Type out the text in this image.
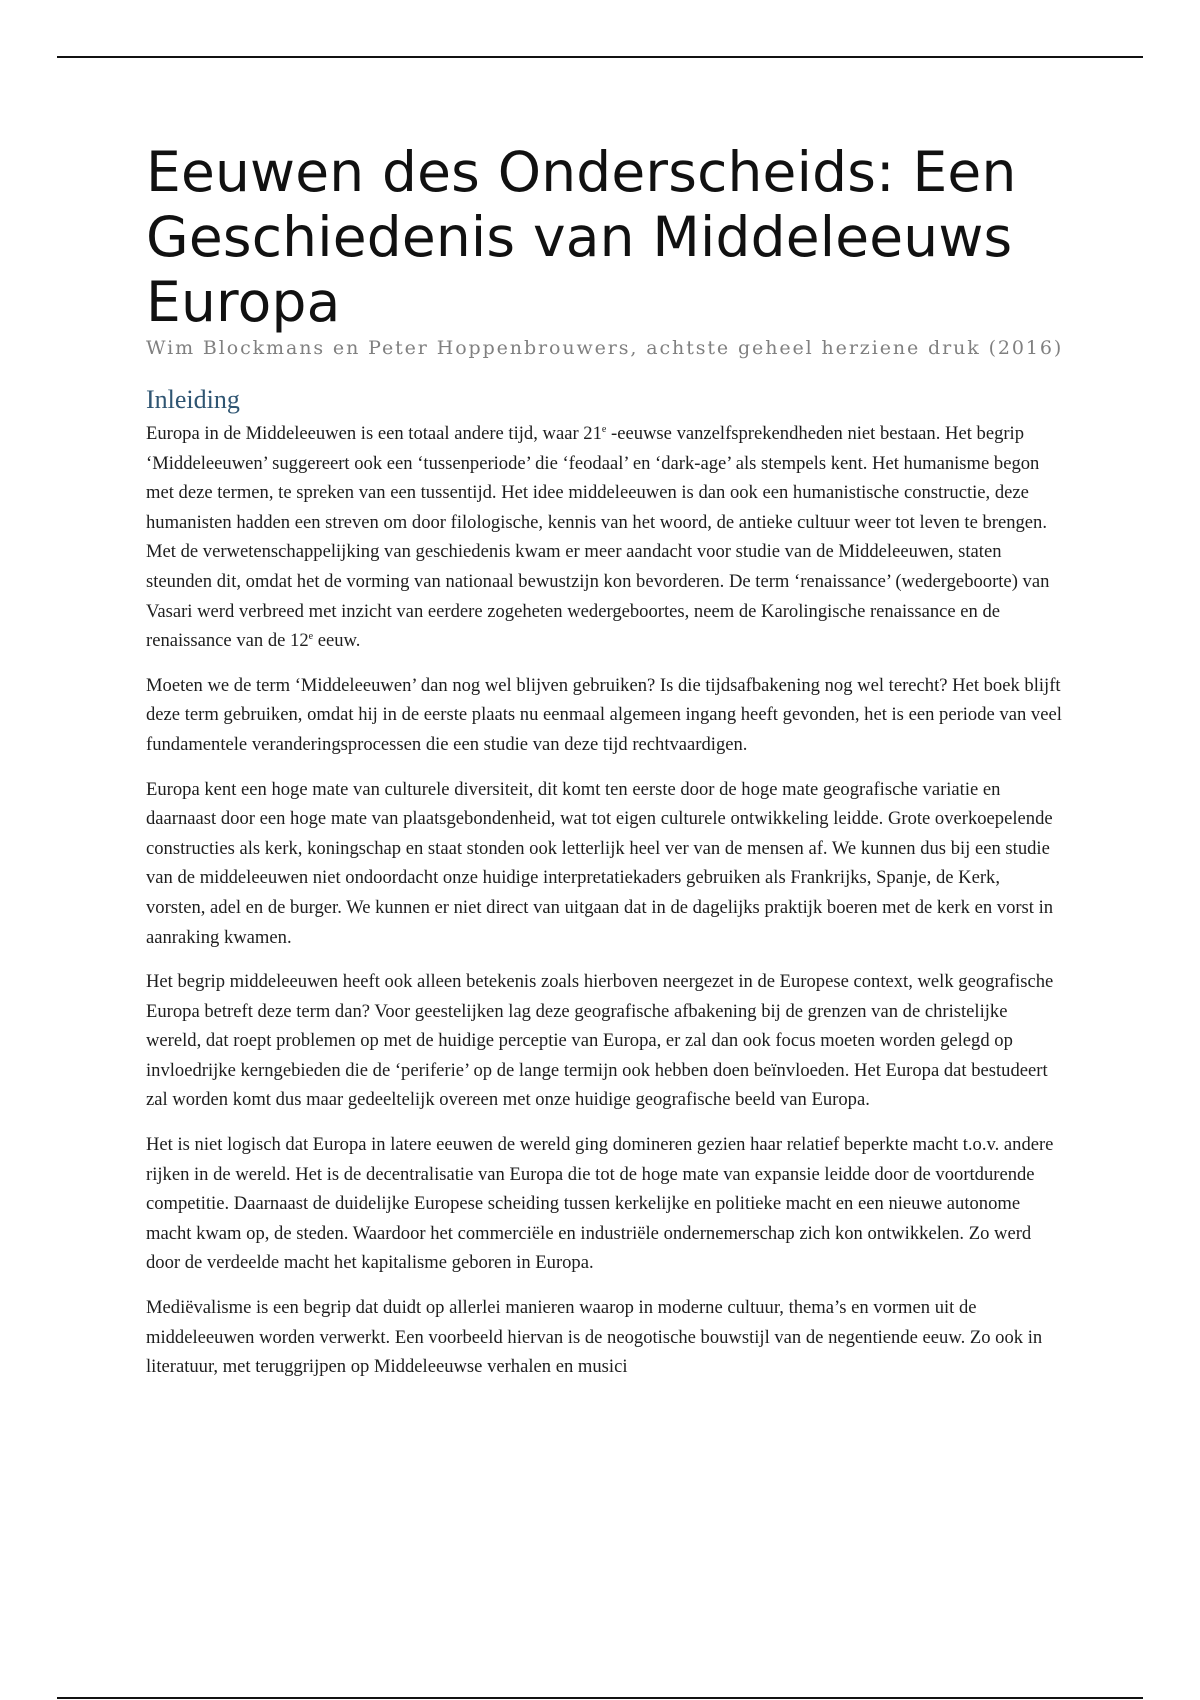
Eeuwen des Onderscheids: Een Geschiedenis van Middeleeuws Europa
Wim Blockmans en Peter Hoppenbrouwers, achtste geheel herziene druk (2016)
Inleiding

Europa in de Middeleeuwen is een totaal andere tijd, waar 21e -eeuwse vanzelfsprekendheden niet bestaan. Het begrip ‘Middeleeuwen’ suggereert ook een ‘tussenperiode’ die ‘feodaal’ en ‘dark-age’ als stempels kent. Het humanisme begon met deze termen, te spreken van een tussentijd. Het idee middeleeuwen is dan ook een humanistische constructie, deze humanisten hadden een streven om door filologische, kennis van het woord, de antieke cultuur weer tot leven te brengen. Met de verwetenschappelijking van geschiedenis kwam er meer aandacht voor studie van de Middeleeuwen, staten steunden dit, omdat het de vorming van nationaal bewustzijn kon bevorderen. De term ‘renaissance’ (wedergeboorte) van Vasari werd verbreed met inzicht van eerdere zogeheten wedergeboortes, neem de Karolingische renaissance en de renaissance van de 12e eeuw.

Moeten we de term ‘Middeleeuwen’ dan nog wel blijven gebruiken? Is die tijdsafbakening nog wel terecht? Het boek blijft deze term gebruiken, omdat hij in de eerste plaats nu eenmaal algemeen ingang heeft gevonden, het is een periode van veel fundamentele veranderingsprocessen die een studie van deze tijd rechtvaardigen.

Europa kent een hoge mate van culturele diversiteit, dit komt ten eerste door de hoge mate geografische variatie en daarnaast door een hoge mate van plaatsgebondenheid, wat tot eigen culturele ontwikkeling leidde. Grote overkoepelende constructies als kerk, koningschap en staat stonden ook letterlijk heel ver van de mensen af. We kunnen dus bij een studie van de middeleeuwen niet ondoordacht onze huidige interpretatiekaders gebruiken als Frankrijks, Spanje, de Kerk, vorsten, adel en de burger. We kunnen er niet direct van uitgaan dat in de dagelijks praktijk boeren met de kerk en vorst in aanraking kwamen.

Het begrip middeleeuwen heeft ook alleen betekenis zoals hierboven neergezet in de Europese context, welk geografische Europa betreft deze term dan? Voor geestelijken lag deze geografische afbakening bij de grenzen van de christelijke wereld, dat roept problemen op met de huidige perceptie van Europa, er zal dan ook focus moeten worden gelegd op invloedrijke kerngebieden die de ‘periferie’ op de lange termijn ook hebben doen beïnvloeden. Het Europa dat bestudeert zal worden komt dus maar gedeeltelijk overeen met onze huidige geografische beeld van Europa.

Het is niet logisch dat Europa in latere eeuwen de wereld ging domineren gezien haar relatief beperkte macht t.o.v. andere rijken in de wereld. Het is de decentralisatie van Europa die tot de hoge mate van expansie leidde door de voortdurende competitie. Daarnaast de duidelijke Europese scheiding tussen kerkelijke en politieke macht en een nieuwe autonome macht kwam op, de steden. Waardoor het commerciële en industriële ondernemerschap zich kon ontwikkelen. Zo werd door de verdeelde macht het kapitalisme geboren in Europa.

Mediëvalisme is een begrip dat duidt op allerlei manieren waarop in moderne cultuur, thema’s en vormen uit de middeleeuwen worden verwerkt. Een voorbeeld hiervan is de neogotische bouwstijl van de negentiende eeuw. Zo ook in literatuur, met teruggrijpen op Middeleeuwse verhalen en musici
